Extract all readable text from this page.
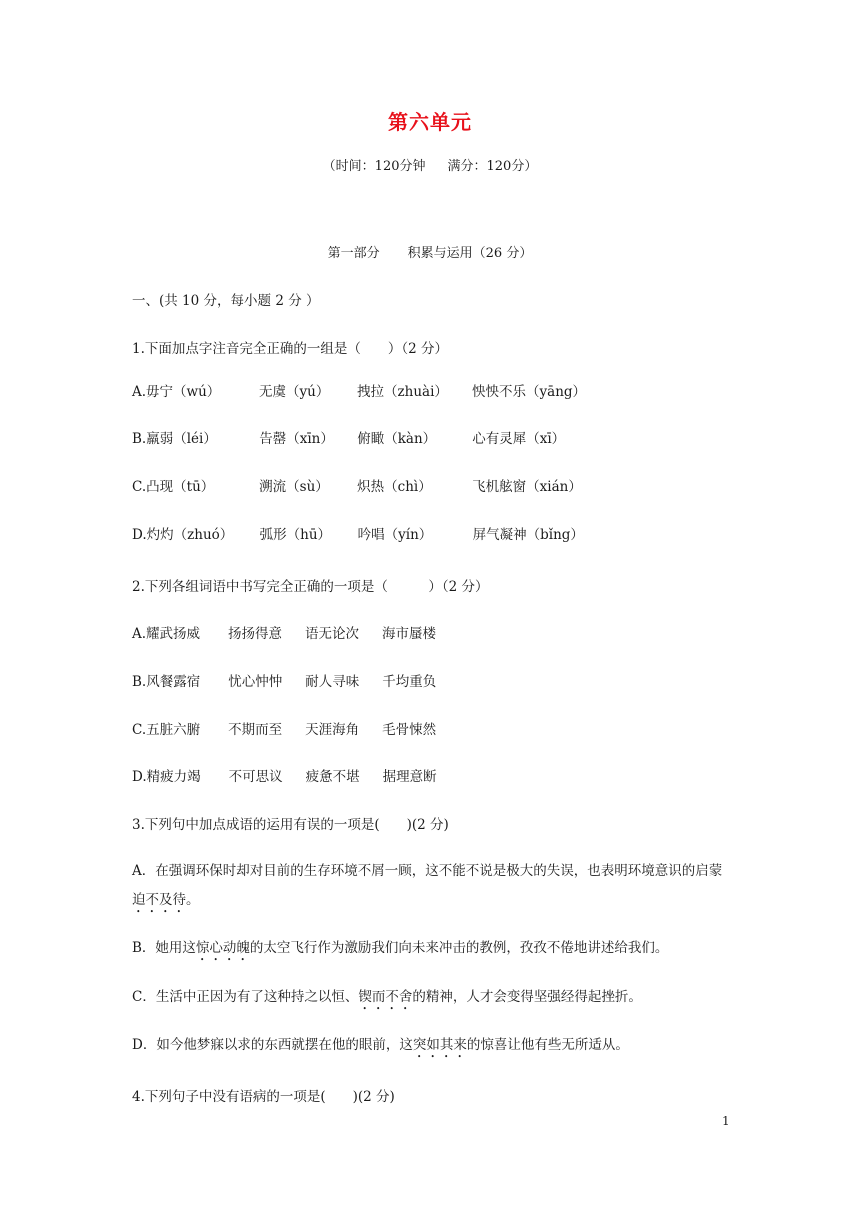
第六单元
（时间：120分钟 满分：120分）
第一部分 积累与运用（26 分）
一、(共 10 分，每小题 2 分 ）
1.下面加点字注音完全正确的一组是（　　）（2 分）
A.毋宁（wú）	无虞（yú） 拽拉（zhuài） 怏怏不乐（yāng）
B.羸弱（léi）	告罄（xīn） 俯瞰（kàn）	心有灵犀（xī）
C.凸现（tū）	溯流（sù） 炽热（chì）	飞机舷窗（xián）
D.灼灼（zhuó） 弧形（hū） 吟唱（yín）	屏气凝神（bǐng）
2.下列各组词语中书写完全正确的一项是（　　　）（2 分）
A.耀武扬威 扬扬得意 语无论次 海市蜃楼
B.风餐露宿 忧心忡忡 耐人寻味 千均重负
C.五脏六腑 不期而至 天涯海角 毛骨悚然
D.精疲力竭 不可思议 疲惫不堪 据理意断
3.下列句中加点成语的运用有误的一项是(　　)(2 分)
A．在强调环保时却对目前的生存环境不屑一顾，这不能不说是极大的失误，也表明环境意识的启蒙迫不及待。
B．她用这惊心动魄的太空飞行作为激励我们向未来冲击的教例，孜孜不倦地讲述给我们。
C．生活中正因为有了这种持之以恒、锲而不舍的精神，人才会变得坚强经得起挫折。
D．如今他梦寐以求的东西就摆在他的眼前，这突如其来的惊喜让他有些无所适从。
4.下列句子中没有语病的一项是(　　)(2 分)
1
